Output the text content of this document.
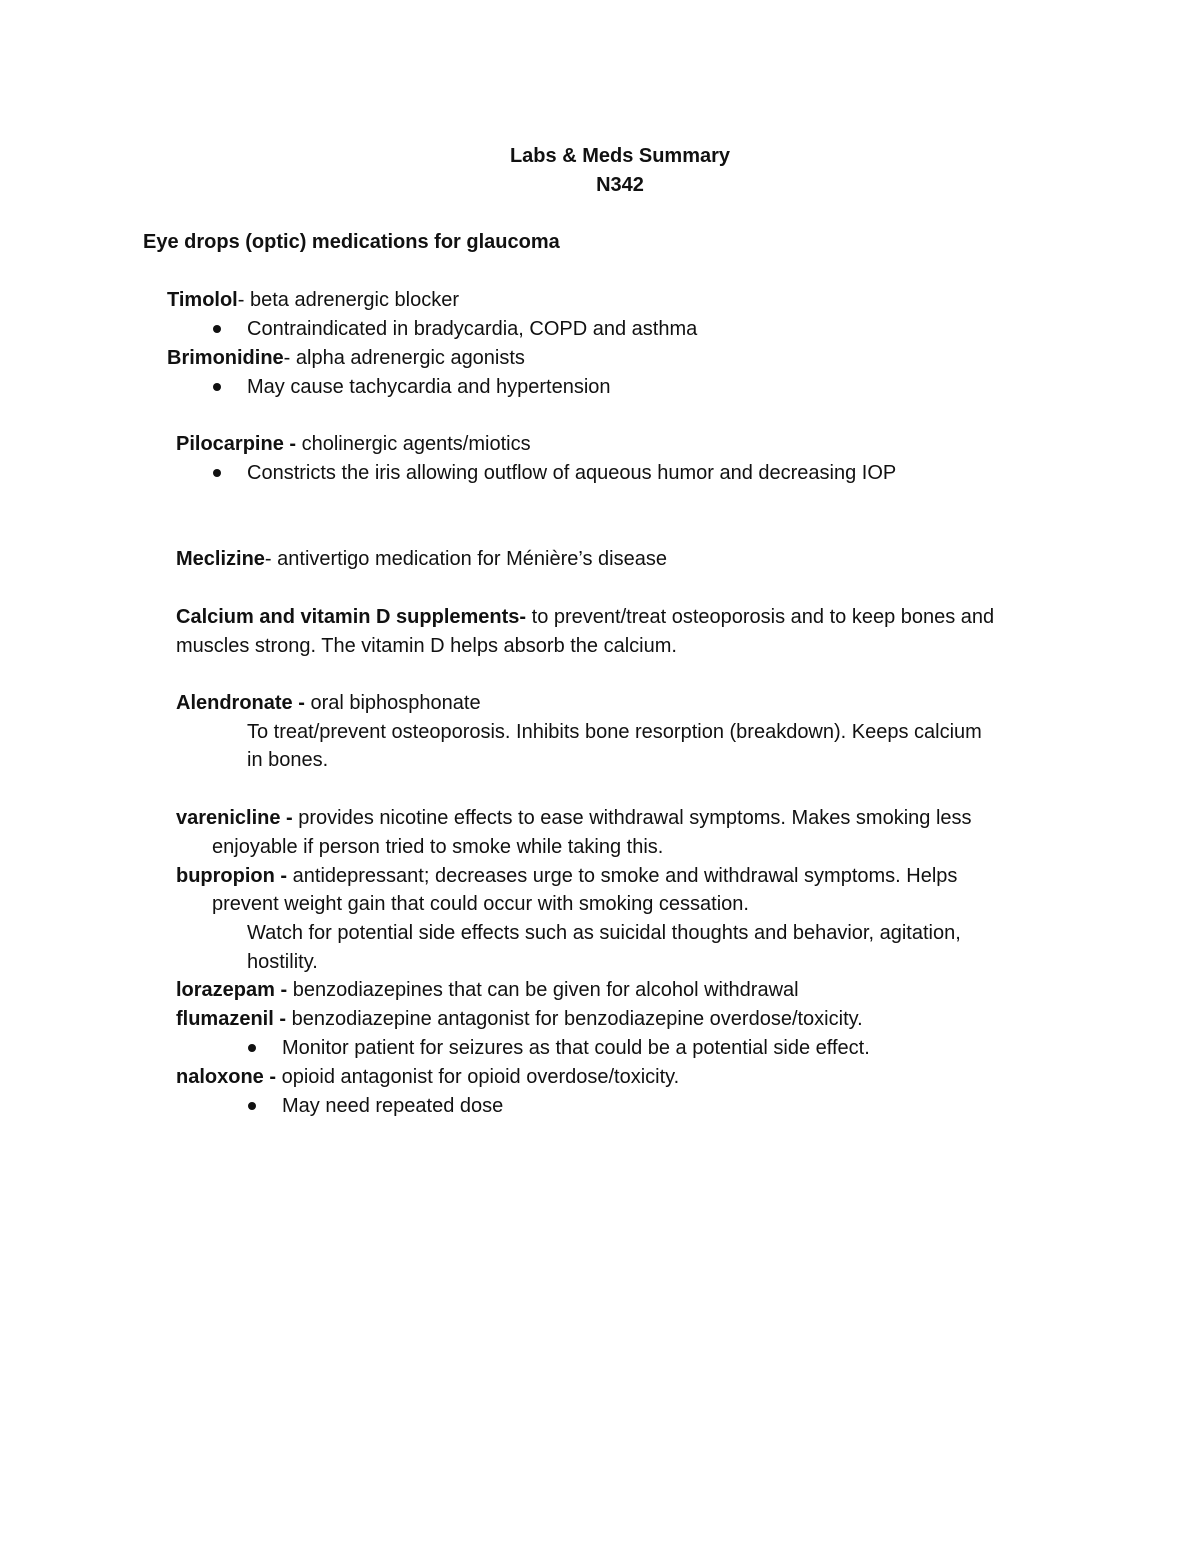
Labs & Meds Summary
N342
Eye drops (optic) medications for glaucoma
Timolol- beta adrenergic blocker
Contraindicated in bradycardia, COPD and asthma
Brimonidine- alpha adrenergic agonists
May cause tachycardia and hypertension
Pilocarpine - cholinergic agents/miotics
Constricts the iris allowing outflow of aqueous humor and decreasing IOP
Meclizine- antivertigo medication for Ménière’s disease
Calcium and vitamin D supplements- to prevent/treat osteoporosis and to keep bones and
muscles strong. The vitamin D helps absorb the calcium.
Alendronate - oral biphosphonate
To treat/prevent osteoporosis. Inhibits bone resorption (breakdown). Keeps calcium
in bones.
varenicline - provides nicotine effects to ease withdrawal symptoms. Makes smoking less
enjoyable if person tried to smoke while taking this.
bupropion - antidepressant; decreases urge to smoke and withdrawal symptoms. Helps
prevent weight gain that could occur with smoking cessation.
Watch for potential side effects such as suicidal thoughts and behavior, agitation,
hostility.
lorazepam - benzodiazepines that can be given for alcohol withdrawal
flumazenil - benzodiazepine antagonist for benzodiazepine overdose/toxicity.
Monitor patient for seizures as that could be a potential side effect.
naloxone - opioid antagonist for opioid overdose/toxicity.
May need repeated dose
